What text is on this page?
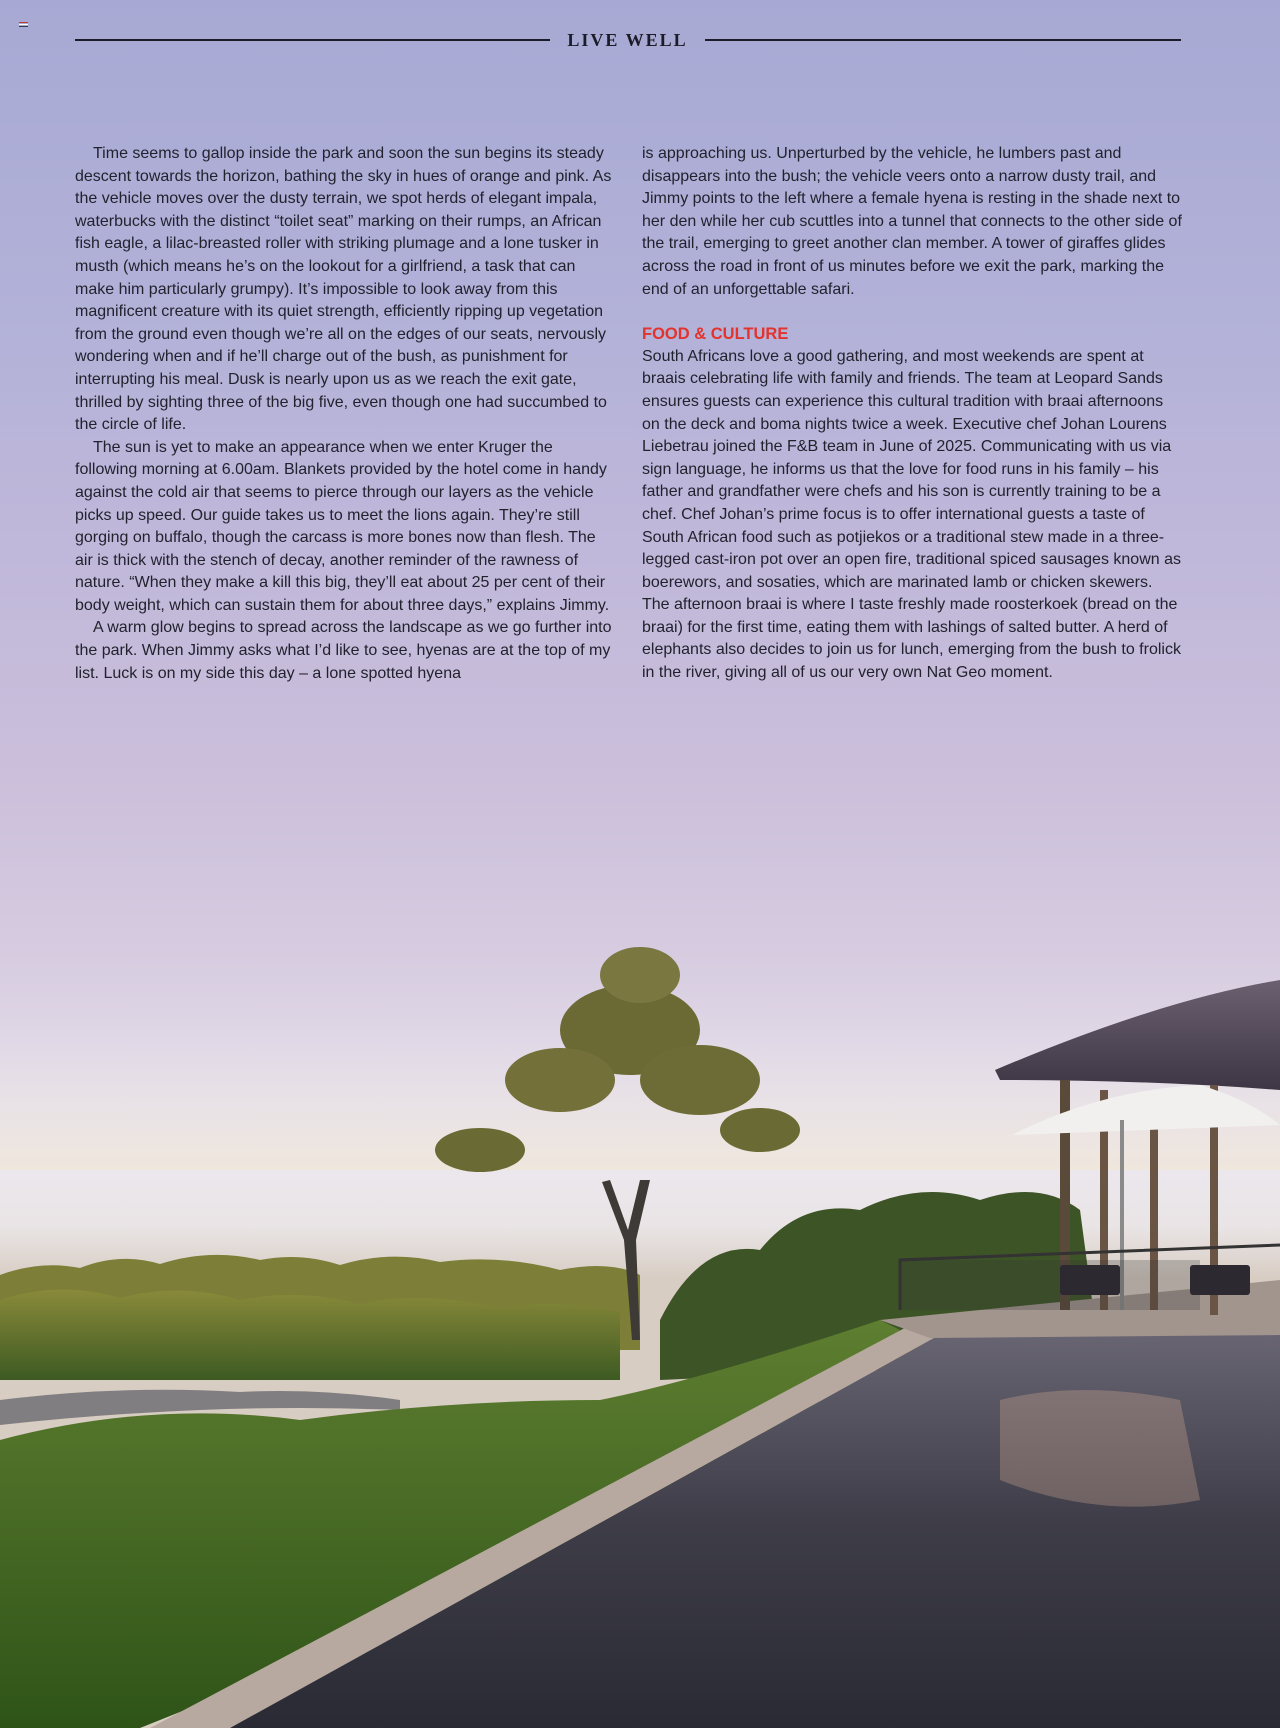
LIVE WELL

Time seems to gallop inside the park and soon the sun begins its steady descent towards the horizon, bathing the sky in hues of orange and pink. As the vehicle moves over the dusty terrain, we spot herds of elegant impala, waterbucks with the distinct “toilet seat” marking on their rumps, an African fish eagle, a lilac-breasted roller with striking plumage and a lone tusker in musth (which means he’s on the lookout for a girlfriend, a task that can make him particularly grumpy). It’s impossible to look away from this magnificent creature with its quiet strength, efficiently ripping up vegetation from the ground even though we’re all on the edges of our seats, nervously wondering when and if he’ll charge out of the bush, as punishment for interrupting his meal. Dusk is nearly upon us as we reach the exit gate, thrilled by sighting three of the big five, even though one had succumbed to the circle of life.

The sun is yet to make an appearance when we enter Kruger the following morning at 6.00am. Blankets provided by the hotel come in handy against the cold air that seems to pierce through our layers as the vehicle picks up speed. Our guide takes us to meet the lions again. They’re still gorging on buffalo, though the carcass is more bones now than flesh. The air is thick with the stench of decay, another reminder of the rawness of nature. “When they make a kill this big, they’ll eat about 25 per cent of their body weight, which can sustain them for about three days,” explains Jimmy.

A warm glow begins to spread across the landscape as we go further into the park. When Jimmy asks what I’d like to see, hyenas are at the top of my list. Luck is on my side this day – a lone spotted hyena

is approaching us. Unperturbed by the vehicle, he lumbers past and disappears into the bush; the vehicle veers onto a narrow dusty trail, and Jimmy points to the left where a female hyena is resting in the shade next to her den while her cub scuttles into a tunnel that connects to the other side of the trail, emerging to greet another clan member. A tower of giraffes glides across the road in front of us minutes before we exit the park, marking the end of an unforgettable safari.

FOOD & CULTURE

South Africans love a good gathering, and most weekends are spent at braais celebrating life with family and friends. The team at Leopard Sands ensures guests can experience this cultural tradition with braai afternoons on the deck and boma nights twice a week. Executive chef Johan Lourens Liebetrau joined the F&B team in June of 2025. Communicating with us via sign language, he informs us that the love for food runs in his family – his father and grandfather were chefs and his son is currently training to be a chef. Chef Johan’s prime focus is to offer international guests a taste of South African food such as potjiekos or a traditional stew made in a three-legged cast-iron pot over an open fire, traditional spiced sausages known as boerewors, and sosaties, which are marinated lamb or chicken skewers. The afternoon braai is where I taste freshly made roosterkoek (bread on the braai) for the first time, eating them with lashings of salted butter. A herd of elephants also decides to join us for lunch, emerging from the bush to frolick in the river, giving all of us our very own Nat Geo moment.
